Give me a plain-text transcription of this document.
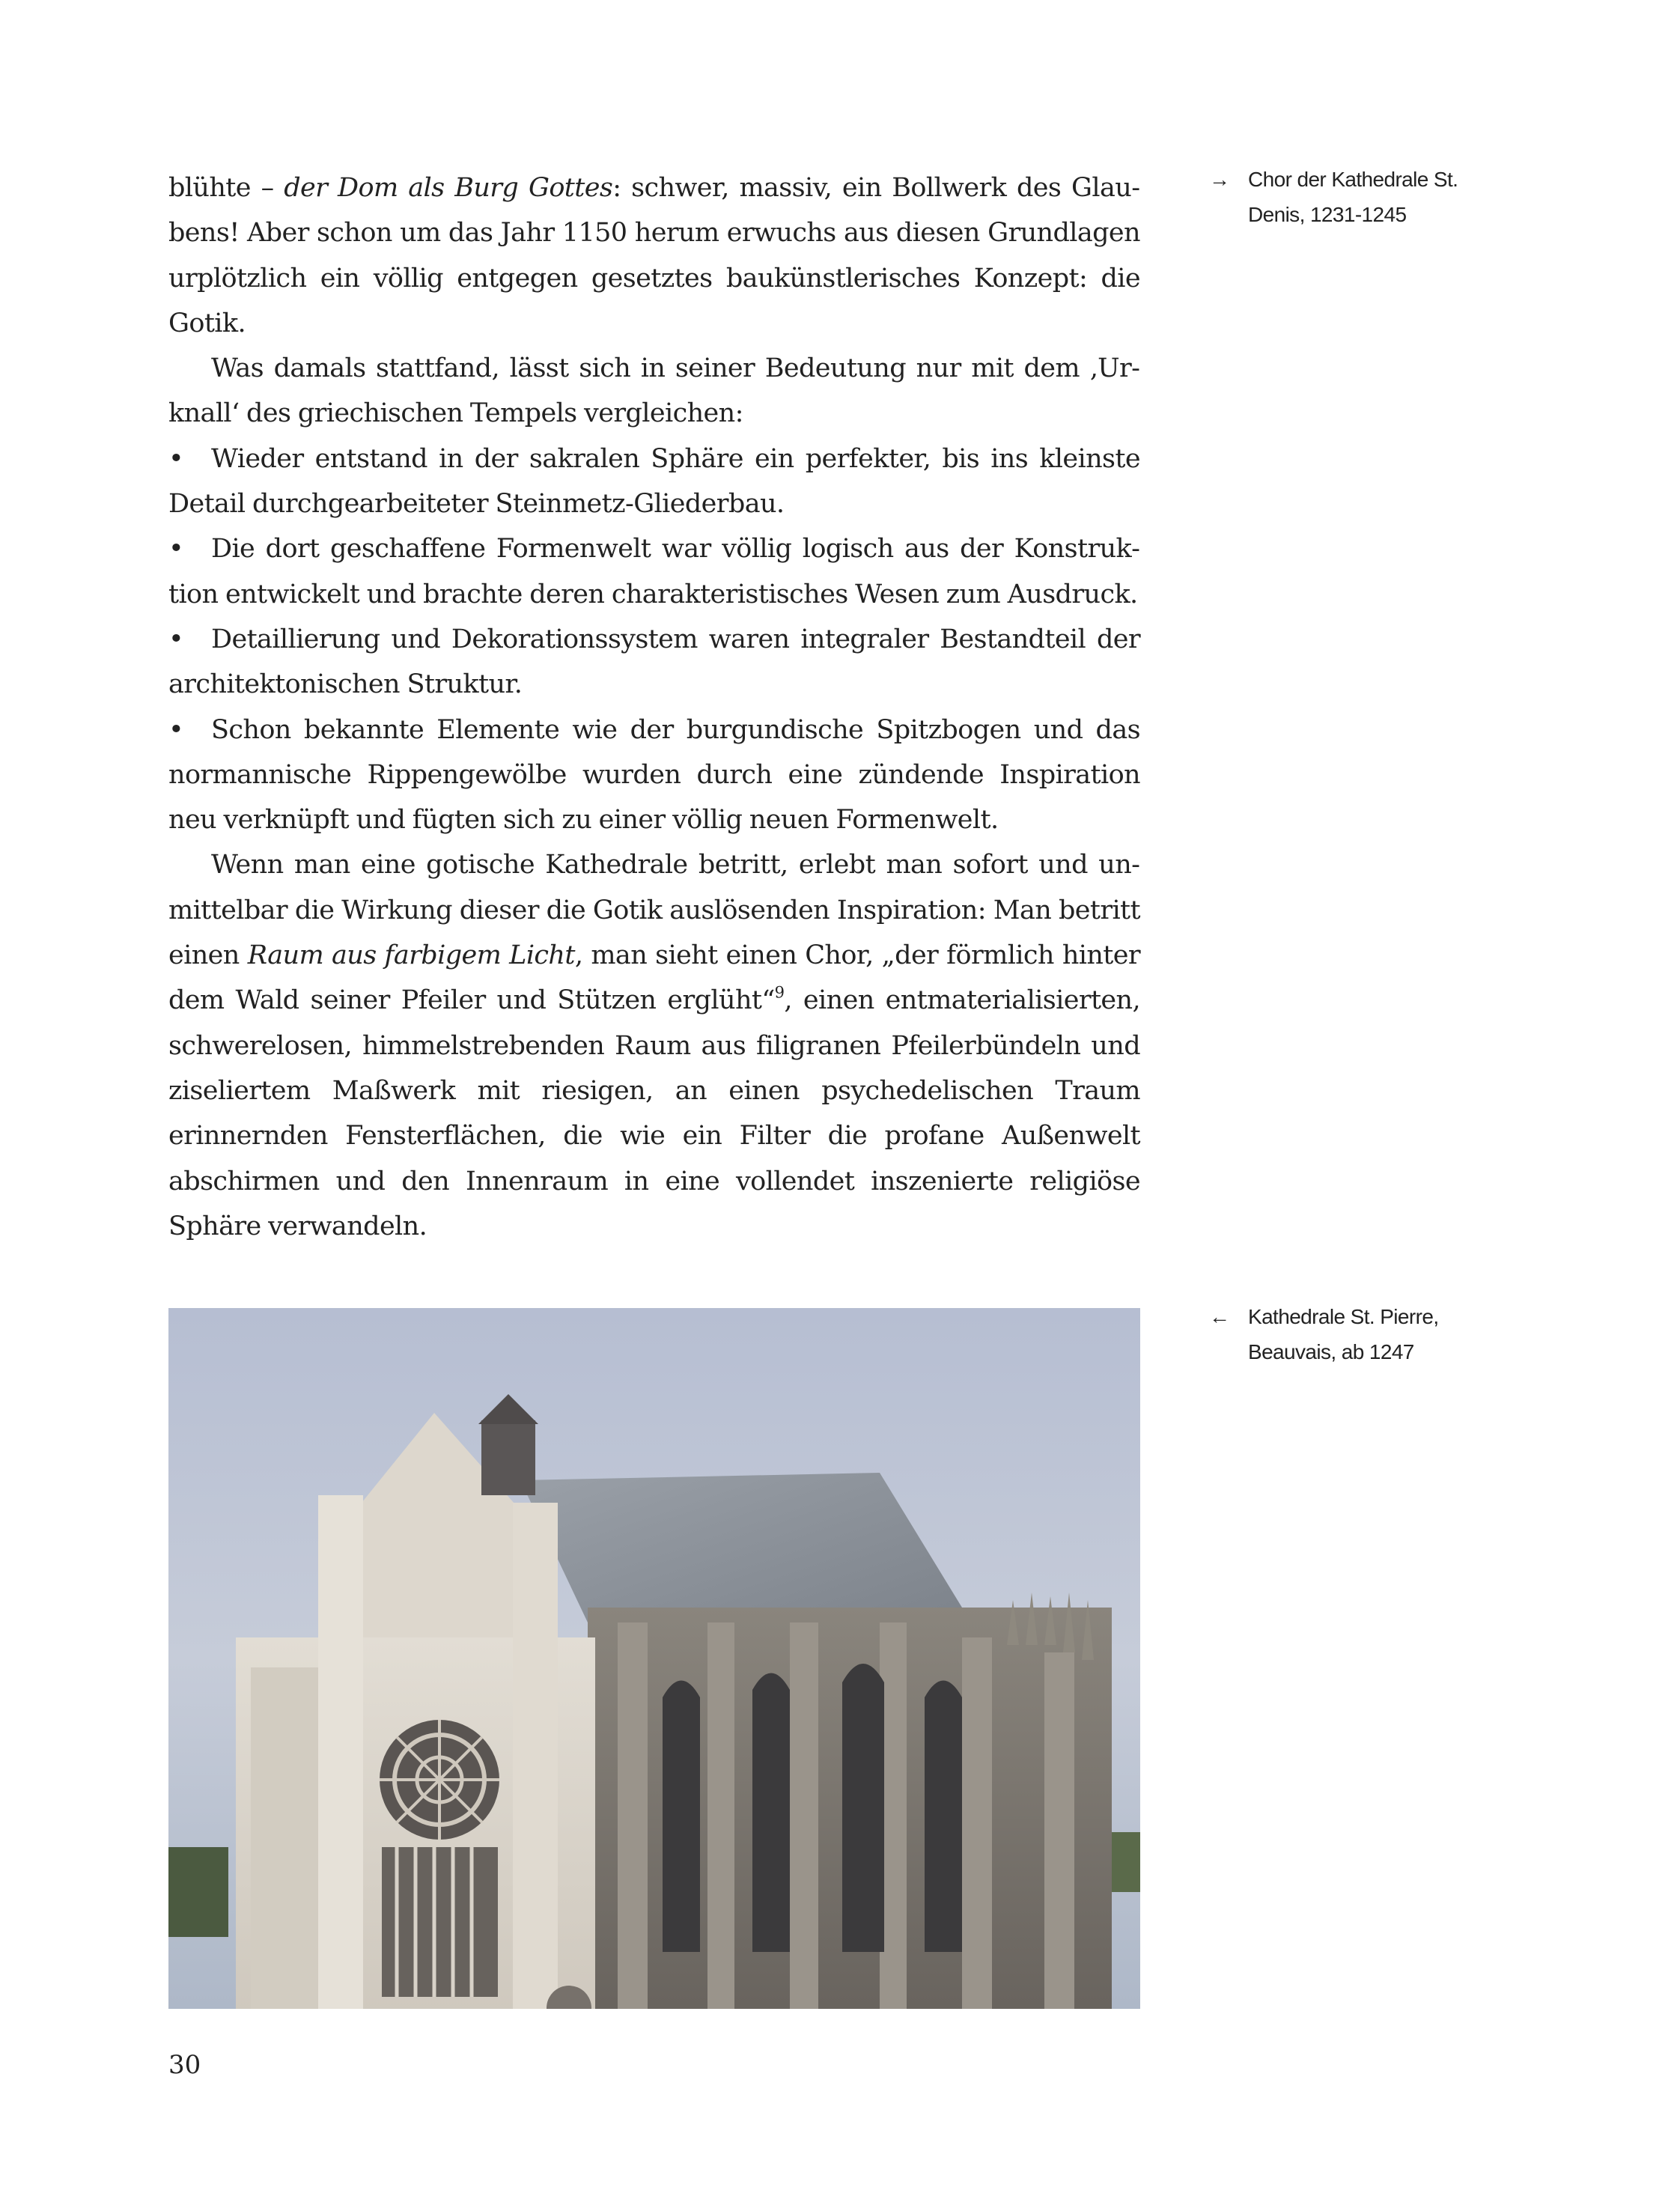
blühte – der Dom als Burg Gottes: schwer, massiv, ein Bollwerk des Glaubens! Aber schon um das Jahr 1150 herum erwuchs aus diesen Grundlagen urplötzlich ein völlig entgegen gesetztes baukünstlerisches Konzept: die Gotik.

Was damals stattfand, lässt sich in seiner Bedeutung nur mit dem ‚Urknall‘ des griechischen Tempels vergleichen:

• Wieder entstand in der sakralen Sphäre ein perfekter, bis ins kleinste Detail durchgearbeiteter Steinmetz-Gliederbau.
• Die dort geschaffene Formenwelt war völlig logisch aus der Konstruktion entwickelt und brachte deren charakteristisches Wesen zum Ausdruck.
• Detaillierung und Dekorationssystem waren integraler Bestandteil der architektonischen Struktur.
• Schon bekannte Elemente wie der burgundische Spitzbogen und das normannische Rippengewölbe wurden durch eine zündende Inspiration neu verknüpft und fügten sich zu einer völlig neuen Formenwelt.

Wenn man eine gotische Kathedrale betritt, erlebt man sofort und unmittelbar die Wirkung dieser die Gotik auslösenden Inspiration: Man betritt einen Raum aus farbigem Licht, man sieht einen Chor, „der förmlich hinter dem Wald seiner Pfeiler und Stützen erglüht“$^9$, einen entmaterialisierten, schwerelosen, himmelstrebenden Raum aus filigranen Pfeilerbündeln und ziseliertem Maßwerk mit riesigen, an einen psychedelischen Traum erinnernden Fensterflächen, die wie ein Filter die profane Außenwelt abschirmen und den Innenraum in eine vollendet inszenierte religiöse Sphäre verwandeln.

→ Chor der Kathedrale St.
Denis, 1231-1245
← Kathedrale St. Pierre,
Beauvais, ab 1247
30
